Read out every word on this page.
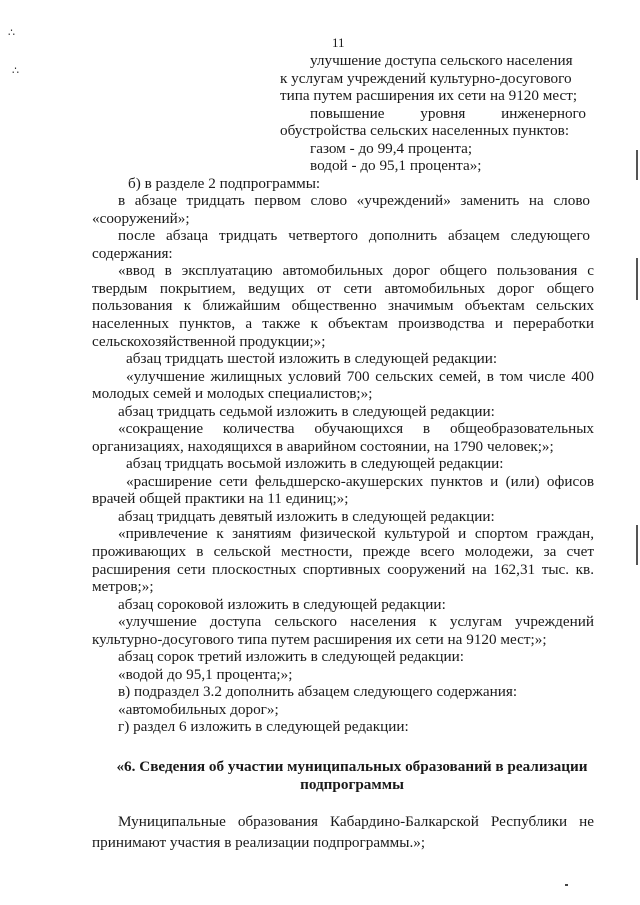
∴
∴
11
улучшение доступа сельского населения
к услугам учреждений культурно-досугового
типа путем расширения их сети на 9120 мест;
повышение уровня инженерного
обустройства сельских населенных пунктов:
газом - до 99,4 процента;
водой - до 95,1 процента»;
б) в разделе 2 подпрограммы:
в абзаце тридцать первом слово «учреждений» заменить на слово
«сооружений»;
после абзаца тридцать четвертого дополнить абзацем следующего
содержания:
«ввод в эксплуатацию автомобильных дорог общего пользования с
твердым покрытием, ведущих от сети автомобильных дорог общего
пользования к ближайшим общественно значимым объектам сельских
населенных пунктов, а также к объектам производства и переработки
сельскохозяйственной продукции;»;
абзац тридцать шестой изложить в следующей редакции:
«улучшение жилищных условий 700 сельских семей, в том числе 400
молодых семей и молодых специалистов;»;
абзац тридцать седьмой изложить в следующей редакции:
«сокращение количества обучающихся в общеобразовательных
организациях, находящихся в аварийном состоянии, на 1790 человек;»;
абзац тридцать восьмой изложить в следующей редакции:
«расширение сети фельдшерско-акушерских пунктов и (или) офисов
врачей общей практики на 11 единиц;»;
абзац тридцать девятый изложить в следующей редакции:
«привлечение к занятиям физической культурой и спортом граждан,
проживающих в сельской местности, прежде всего молодежи, за счет
расширения сети плоскостных спортивных сооружений на 162,31 тыс. кв.
метров;»;
абзац сороковой изложить в следующей редакции:
«улучшение доступа сельского населения к услугам учреждений
культурно-досугового типа путем расширения их сети на 9120 мест;»;
абзац сорок третий изложить в следующей редакции:
«водой до 95,1 процента;»;
в) подраздел 3.2 дополнить абзацем следующего содержания:
«автомобильных дорог»;
г) раздел 6 изложить в следующей редакции:
«6. Сведения об участии муниципальных образований в реализации
подпрограммы
Муниципальные образования Кабардино-Балкарской Республики не
принимают участия в реализации подпрограммы.»;
